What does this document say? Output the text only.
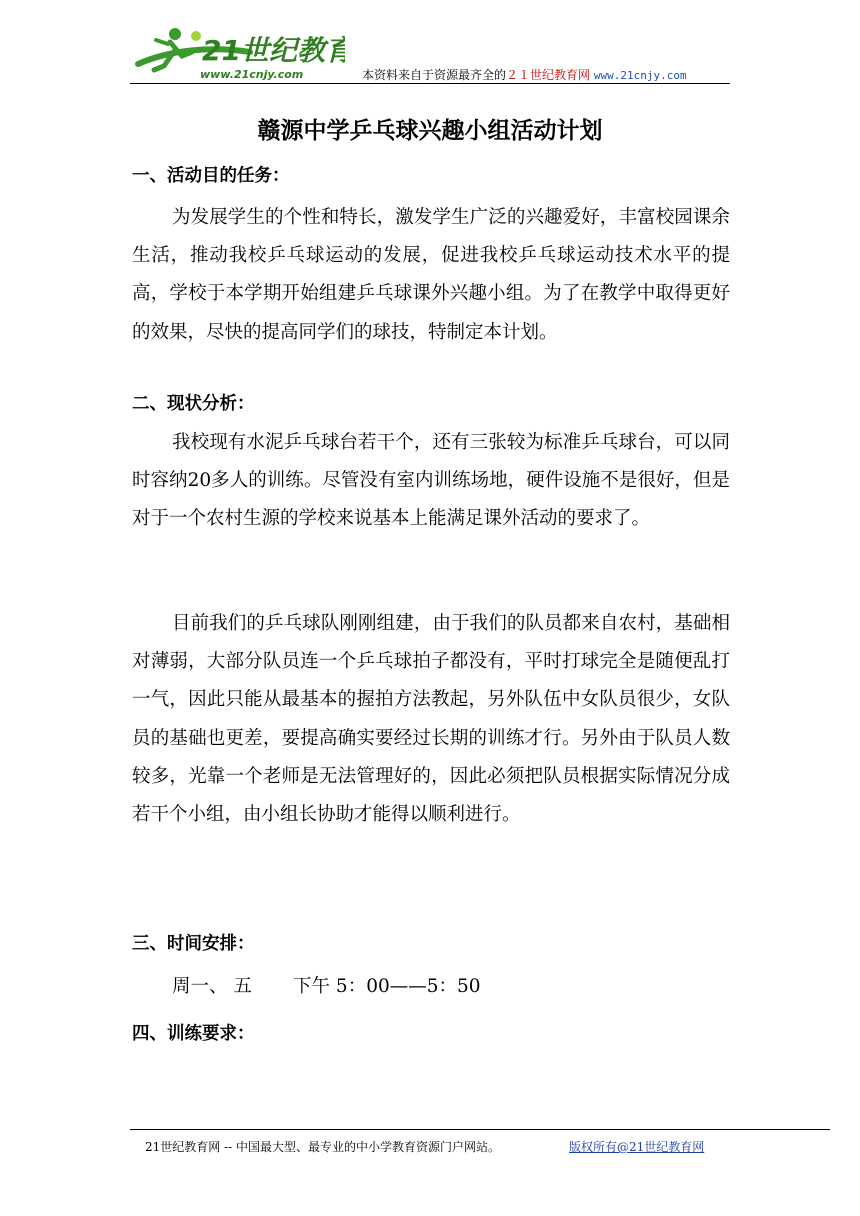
21世纪教育
www.21cnjy.com	本资料来自于资源最齐全的２１世纪教育网 www.21cnjy.com
赣源中学乒乓球兴趣小组活动计划
一、活动目的任务：

为发展学生的个性和特长，激发学生广泛的兴趣爱好，丰富校园课余生活，推动我校乒乓球运动的发展，促进我校乒乓球运动技术水平的提高，学校于本学期开始组建乒乓球课外兴趣小组。为了在教学中取得更好的效果，尽快的提高同学们的球技，特制定本计划。

二、现状分析：

我校现有水泥乒乓球台若干个，还有三张较为标准乒乓球台，可以同时容纳20多人的训练。尽管没有室内训练场地，硬件设施不是很好，但是对于一个农村生源的学校来说基本上能满足课外活动的要求了。

目前我们的乒乓球队刚刚组建，由于我们的队员都来自农村，基础相对薄弱，大部分队员连一个乒乓球拍子都没有，平时打球完全是随便乱打一气，因此只能从最基本的握拍方法教起，另外队伍中女队员很少，女队员的基础也更差，要提高确实要经过长期的训练才行。另外由于队员人数较多，光靠一个老师是无法管理好的，因此必须把队员根据实际情况分成若干个小组，由小组长协助才能得以顺利进行。

三、时间安排：
周一、 五       下午 5：00——5：50
四、训练要求：
21世纪教育网 -- 中国最大型、最专业的中小学教育资源门户网站。	版权所有@21世纪教育网
